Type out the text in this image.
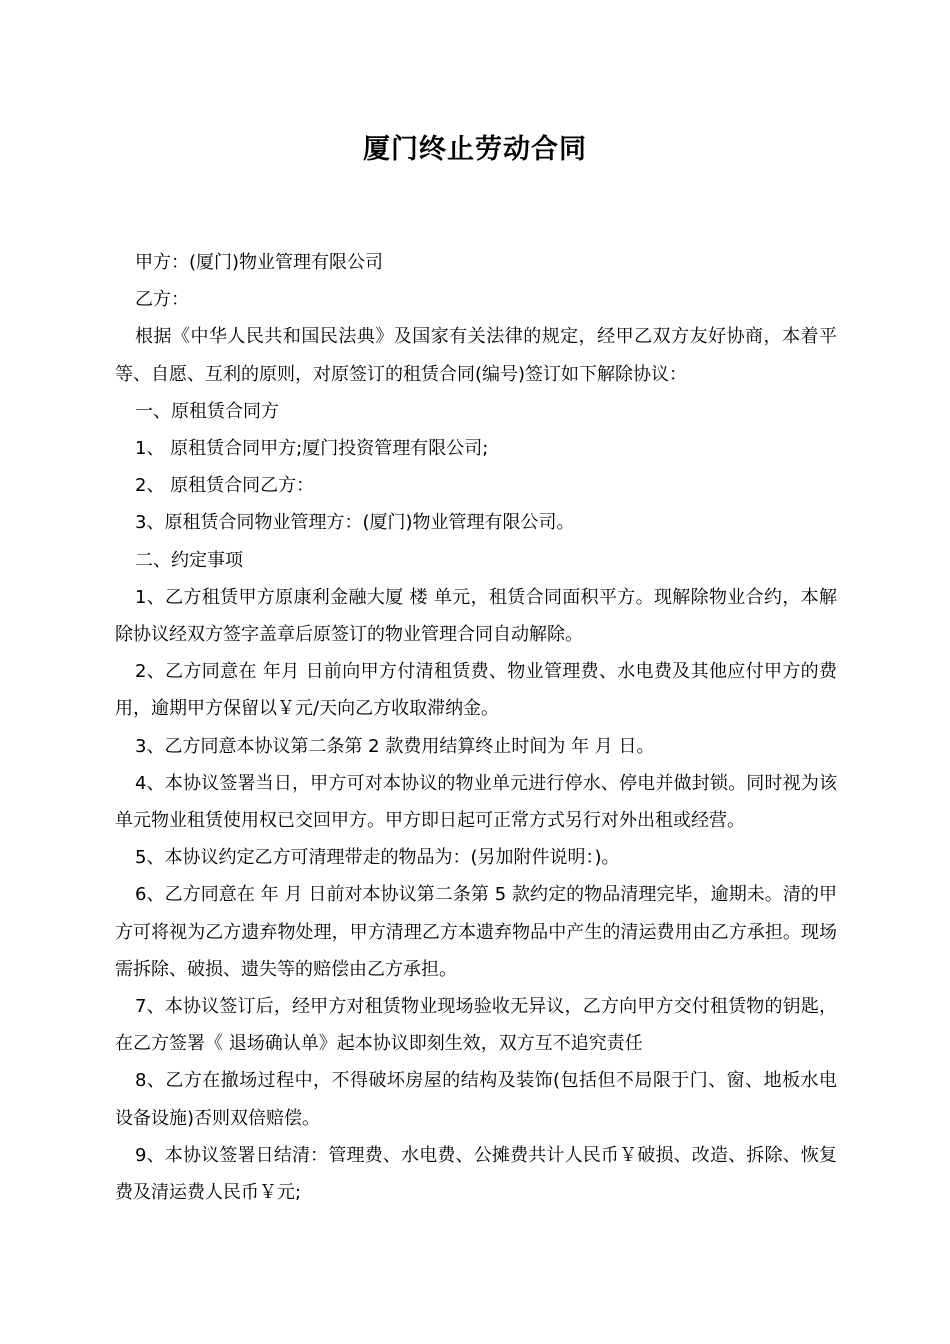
厦门终止劳动合同

甲方：(厦门)物业管理有限公司

乙方：

根据《中华人民共和国民法典》及国家有关法律的规定，经甲乙双方友好协商，本着平等、自愿、互利的原则，对原签订的租赁合同(编号)签订如下解除协议：

一、原租赁合同方

1、 原租赁合同甲方;厦门投资管理有限公司;

2、 原租赁合同乙方：

3、原租赁合同物业管理方：(厦门)物业管理有限公司。

二、约定事项

1、乙方租赁甲方原康利金融大厦 楼 单元，租赁合同面积平方。现解除物业合约，本解除协议经双方签字盖章后原签订的物业管理合同自动解除。

2、乙方同意在 年月 日前向甲方付清租赁费、物业管理费、水电费及其他应付甲方的费用，逾期甲方保留以￥元/天向乙方收取滞纳金。

3、乙方同意本协议第二条第 2 款费用结算终止时间为 年 月 日。

4、本协议签署当日，甲方可对本协议的物业单元进行停水、停电并做封锁。同时视为该单元物业租赁使用权已交回甲方。甲方即日起可正常方式另行对外出租或经营。

5、本协议约定乙方可清理带走的物品为：(另加附件说明：)。

6、乙方同意在 年 月 日前对本协议第二条第 5 款约定的物品清理完毕，逾期未。清的甲方可将视为乙方遗弃物处理，甲方清理乙方本遗弃物品中产生的清运费用由乙方承担。现场需拆除、破损、遗失等的赔偿由乙方承担。

7、本协议签订后，经甲方对租赁物业现场验收无异议，乙方向甲方交付租赁物的钥匙，在乙方签署《 退场确认单》起本协议即刻生效，双方互不追究责任

8、乙方在撤场过程中，不得破坏房屋的结构及装饰(包括但不局限于门、窗、地板水电设备设施)否则双倍赔偿。

9、本协议签署日结清：管理费、水电费、公摊费共计人民币￥破损、改造、拆除、恢复费及清运费人民币￥元;
